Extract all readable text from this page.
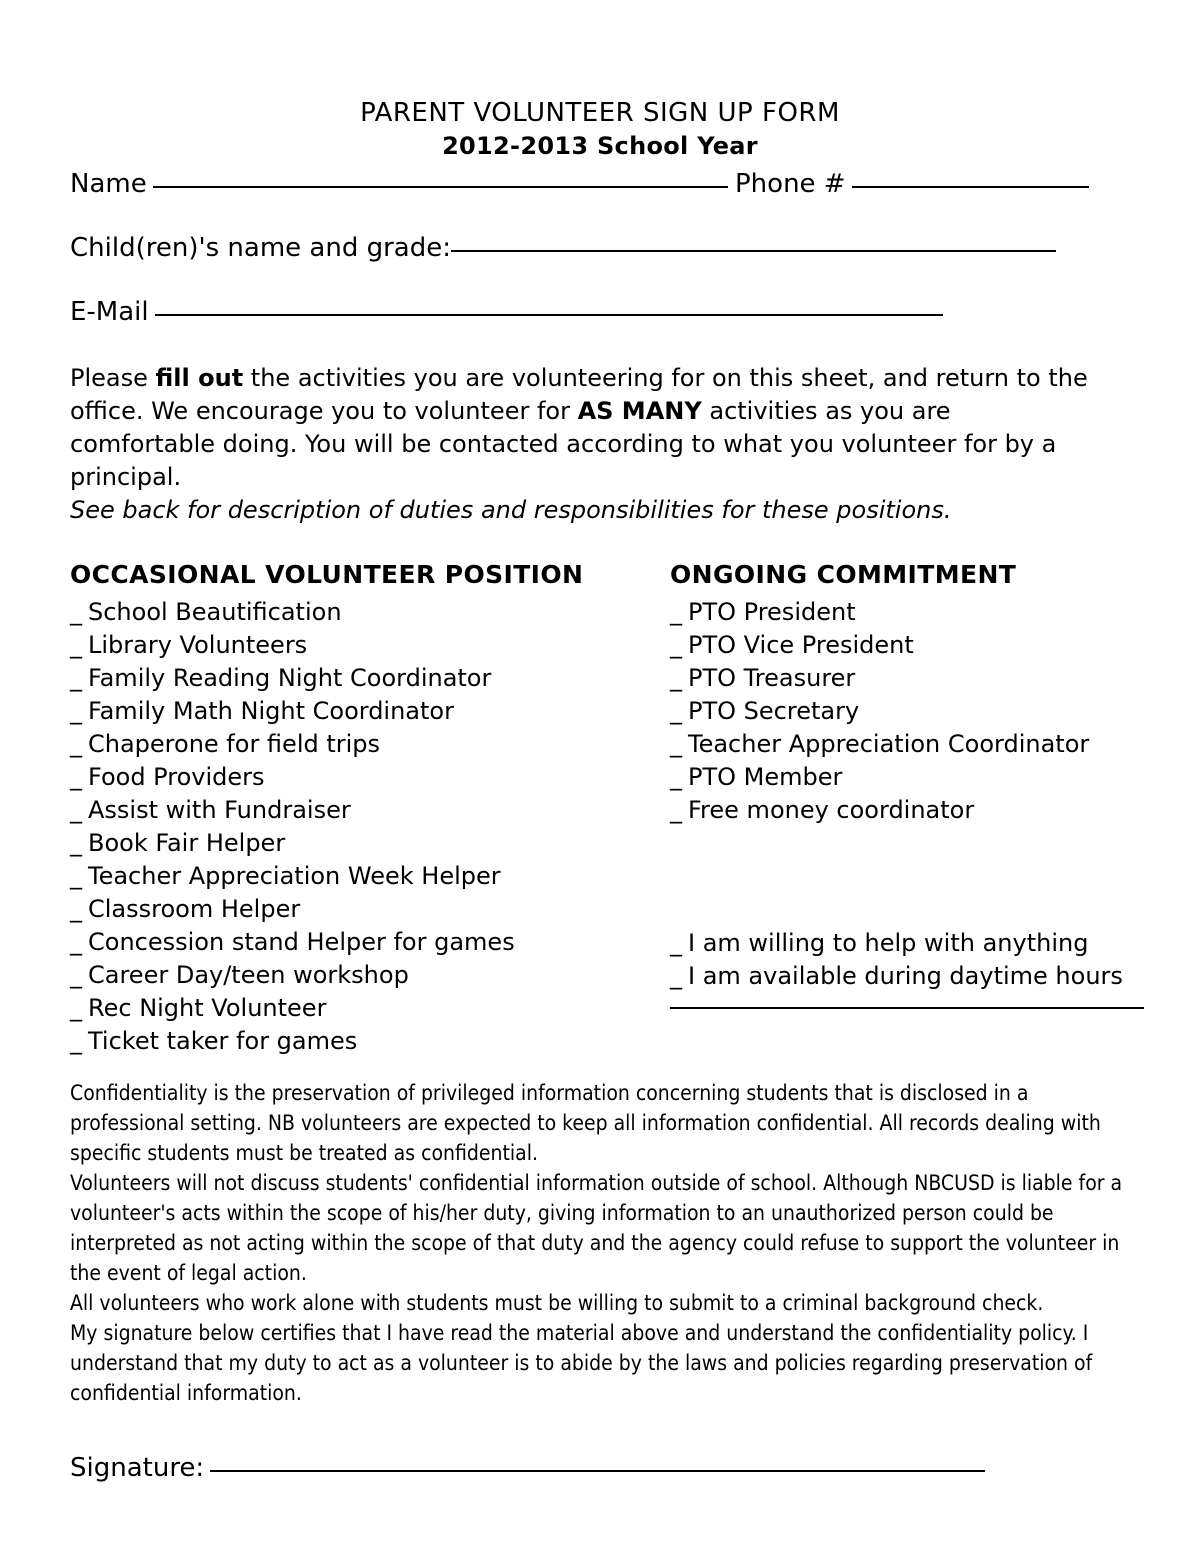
PARENT VOLUNTEER SIGN UP FORM
2012-2013 School Year
Name	Phone #
Child(ren)'s name and grade:
E-Mail
Please fill out the activities you are volunteering for on this sheet, and return to the
office. We encourage you to volunteer for AS MANY activities as you are
comfortable doing. You will be contacted according to what you volunteer for by a principal.
See back for description of duties and responsibilities for these positions.
OCCASIONAL VOLUNTEER POSITION
_ School Beautification
_ Library Volunteers
_ Family Reading Night Coordinator
_ Family Math Night Coordinator
_ Chaperone for field trips
_ Food Providers
_ Assist with Fundraiser
_ Book Fair Helper
_ Teacher Appreciation Week Helper
_ Classroom Helper
_ Concession stand Helper for games
_ Career Day/teen workshop
_ Rec Night Volunteer
_ Ticket taker for games
ONGOING COMMITMENT
_ PTO President
_ PTO Vice President
_ PTO Treasurer
_ PTO Secretary
_ Teacher Appreciation Coordinator
_ PTO Member
_ Free money coordinator
_ I am willing to help with anything
_ I am available during daytime hours

Confidentiality is the preservation of privileged information concerning students that is disclosed in a professional setting. NB volunteers are expected to keep all information confidential. All records dealing with specific students must be treated as confidential.

Volunteers will not discuss students' confidential information outside of school. Although NBCUSD is liable for a volunteer's acts within the scope of his/her duty, giving information to an unauthorized person could be interpreted as not acting within the scope of that duty and the agency could refuse to support the volunteer in the event of legal action.

All volunteers who work alone with students must be willing to submit to a criminal background check.

My signature below certifies that I have read the material above and understand the confidentiality policy. I understand that my duty to act as a volunteer is to abide by the laws and policies regarding preservation of confidential information.

Signature:
